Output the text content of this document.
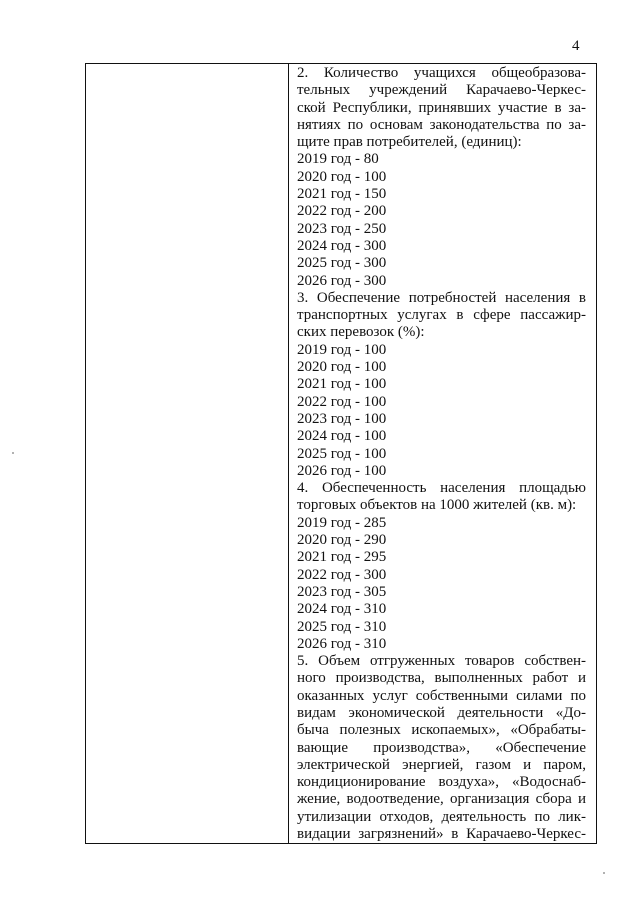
4
2. Количество учащихся общеобразова-
тельных учреждений Карачаево-Черкес-
ской Республики, принявших участие в за-
нятиях по основам законодательства по за-
щите прав потребителей, (единиц):
2019 год - 80
2020 год - 100
2021 год - 150
2022 год - 200
2023 год - 250
2024 год - 300
2025 год - 300
2026 год - 300
3. Обеспечение потребностей населения в
транспортных услугах в сфере пассажир-
ских перевозок (%):
2019 год - 100
2020 год - 100
2021 год - 100
2022 год - 100
2023 год - 100
2024 год - 100
2025 год - 100
2026 год - 100
4. Обеспеченность населения площадью
торговых объектов на 1000 жителей (кв. м):
2019 год - 285
2020 год - 290
2021 год - 295
2022 год - 300
2023 год - 305
2024 год - 310
2025 год - 310
2026 год - 310
5. Объем отгруженных товаров собствен-
ного производства, выполненных работ и
оказанных услуг собственными силами по
видам экономической деятельности «До-
быча полезных ископаемых», «Обрабаты-
вающие производства», «Обеспечение
электрической энергией, газом и паром,
кондиционирование воздуха», «Водоснаб-
жение, водоотведение, организация сбора и
утилизации отходов, деятельность по лик-
видации загрязнений» в Карачаево-Черкес-
